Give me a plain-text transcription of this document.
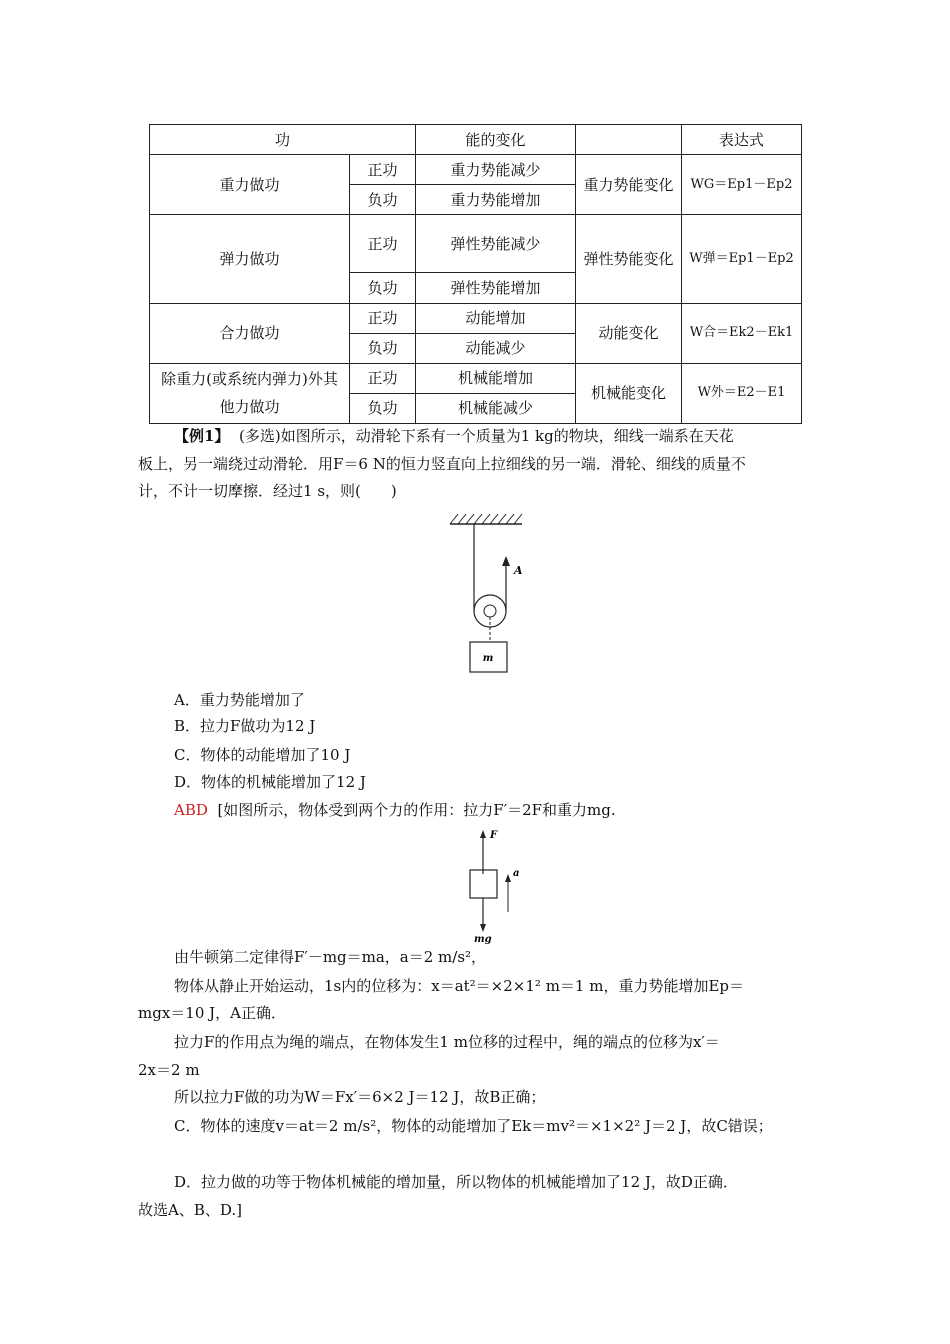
功		能的变化		表达式
重力做功	正功	重力势能减少	重力势能变化	WG＝Ep1－Ep2
	负功	重力势能增加		
弹力做功	正功	弹性势能减少	弹性势能变化	W弹＝Ep1－Ep2
	负功	弹性势能增加		
合力做功	正功	动能增加	动能变化	W合＝Ek2－Ek1
	负功	动能减少		
除重力(或系统内弹力)外其他力做功	正功	机械能增加	机械能变化	W外＝E2－E1
	负功	机械能减少		
【例1】 (多选)如图所示，动滑轮下系有一个质量为1 kg的物块，细线一端系在天花
板上，另一端绕过动滑轮．用F＝6 N的恒力竖直向上拉细线的另一端．滑轮、细线的质量不
计，不计一切摩擦．经过1 s，则(　　)
A
m
A．重力势能增加了
B．拉力F做功为12 J
C．物体的动能增加了10 J
D．物体的机械能增加了12 J
ABD [如图所示，物体受到两个力的作用：拉力F′＝2F和重力mg.
F
mg
a
由牛顿第二定律得F′－mg＝ma，a＝2 m/s²，
物体从静止开始运动，1s内的位移为：x＝at²＝×2×1² m＝1 m，重力势能增加Ep＝
mgx＝10 J，A正确．
拉力F的作用点为绳的端点，在物体发生1 m位移的过程中，绳的端点的位移为x′＝
2x＝2 m
所以拉力F做的功为W＝Fx′＝6×2 J＝12 J，故B正确；
C．物体的速度v＝at＝2 m/s²，物体的动能增加了Ek＝mv²＝×1×2² J＝2 J，故C错误；
D．拉力做的功等于物体机械能的增加量，所以物体的机械能增加了12 J，故D正确．
故选A、B、D.]
